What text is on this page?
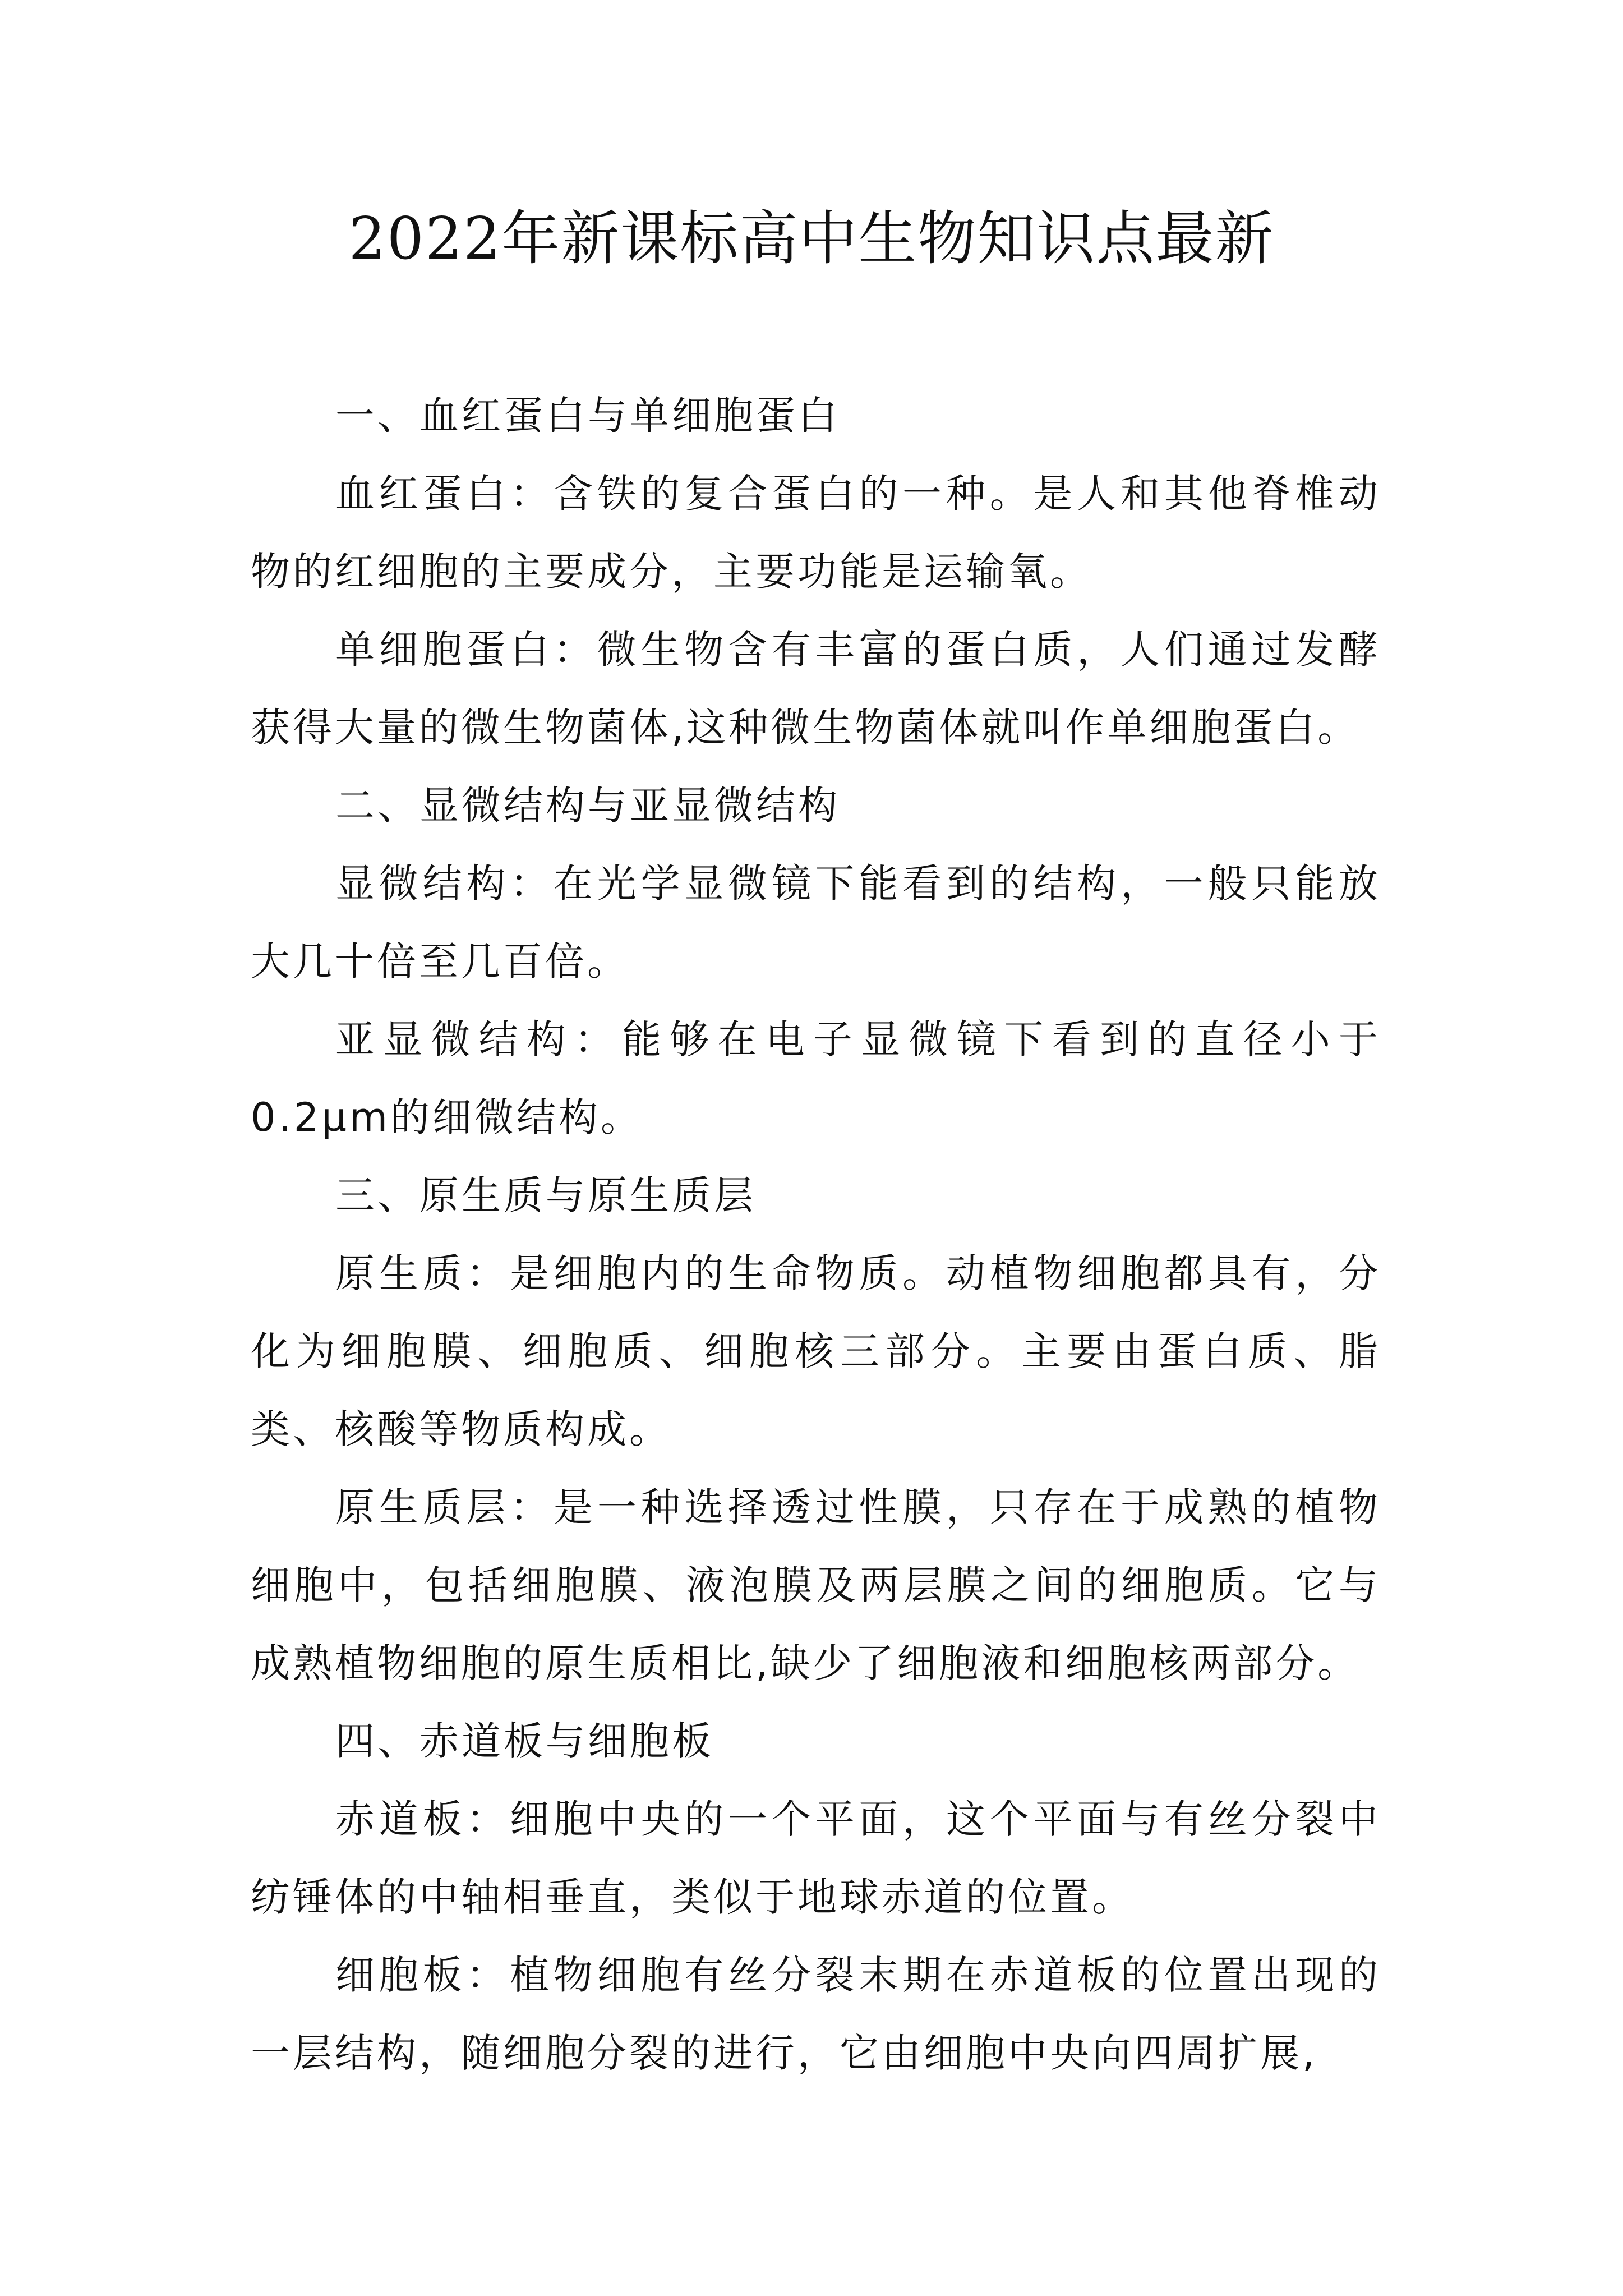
2022年新课标高中生物知识点最新

一、血红蛋白与单细胞蛋白

血红蛋白：含铁的复合蛋白的一种。是人和其他脊椎动物的红细胞的主要成分，主要功能是运输氧。

单细胞蛋白：微生物含有丰富的蛋白质，人们通过发酵获得大量的微生物菌体,这种微生物菌体就叫作单细胞蛋白。

二、显微结构与亚显微结构

显微结构：在光学显微镜下能看到的结构，一般只能放大几十倍至几百倍。

亚显微结构：能够在电子显微镜下看到的直径小于0.2μm的细微结构。

三、原生质与原生质层

原生质：是细胞内的生命物质。动植物细胞都具有，分化为细胞膜、细胞质、细胞核三部分。主要由蛋白质、脂类、核酸等物质构成。

原生质层：是一种选择透过性膜，只存在于成熟的植物细胞中，包括细胞膜、液泡膜及两层膜之间的细胞质。它与成熟植物细胞的原生质相比,缺少了细胞液和细胞核两部分。

四、赤道板与细胞板

赤道板：细胞中央的一个平面，这个平面与有丝分裂中纺锤体的中轴相垂直，类似于地球赤道的位置。

细胞板：植物细胞有丝分裂末期在赤道板的位置出现的一层结构，随细胞分裂的进行，它由细胞中央向四周扩展,
